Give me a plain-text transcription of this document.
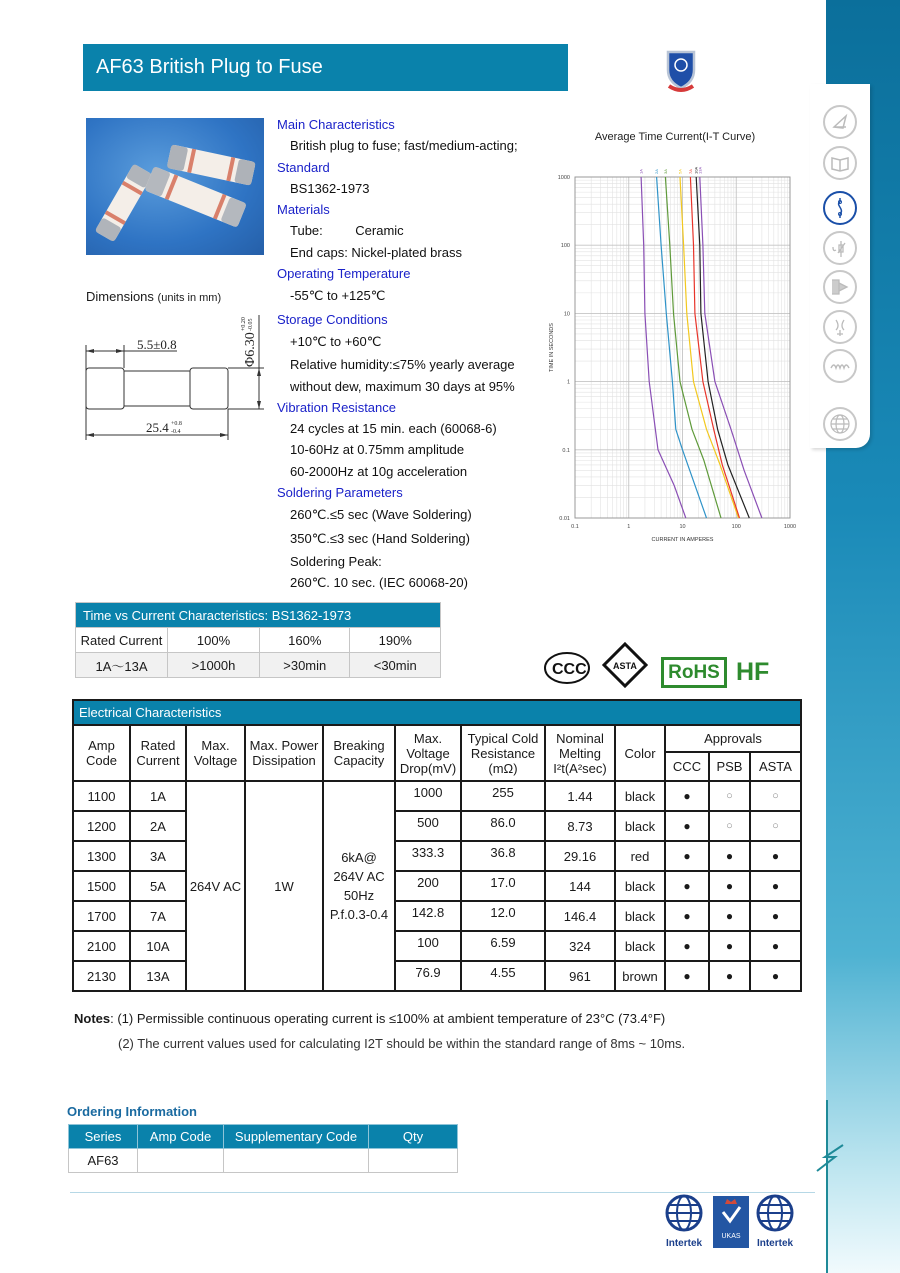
AF63 British Plug to Fuse
Dimensions (units in mm)
5.5±0.8
25.4 +0.8
-0.4
Φ6.30
+0.20 -0.05
Main Characteristics
British plug to fuse; fast/medium-acting;
Standard
BS1362-1973
Materials
Tube:         Ceramic
End caps: Nickel-plated brass
Operating Temperature
-55℃ to +125℃
Storage Conditions
+10℃ to +60℃
Relative humidity:≤75% yearly average
without dew, maximum 30 days at 95%
Vibration Resistance
24 cycles at 15 min. each (60068-6)
10-60Hz at 0.75mm amplitude
60-2000Hz at 10g acceleration
Soldering Parameters
260℃.≤5 sec (Wave Soldering)
350℃.≤3 sec (Hand Soldering)
Soldering Peak:
260℃. 10 sec. (IEC 60068-20)
Average Time Current(I-T Curve)
0.1	1	10	100	1000
1000
100
10
1
0.1
0.01
1A	2A 3A 5A 7A 10A
13A
CURRENT IN AMPERES
TIME IN SECONDS
Time vs Current Characteristics: BS1362-1973			
Rated Current	100%	160%	190%
1A～13A	>1000h	>30min	<30min	CCC	ASTA	RoHS HF
Electrical Characteristics											
Amp Code	Rated Current	Max. Voltage	Max. Power Dissipation	Breaking Capacity	Max. Voltage Drop(mV)	Typical Cold Resistance (mΩ)	Nominal Melting I²t(A²sec)	Color	Approvals		
									CCC	PSB	ASTA
1100	1A	264V AC	1W	6kA@
264V AC
50Hz
P.f.0.3-0.4	1000	255	1.44	black	●	○	○
1200	2A				500	86.0	8.73	black	●	○	○
1300	3A				333.3	36.8	29.16	red	●	●	●
1500	5A				200	17.0	144	black	●	●	●
1700	7A				142.8	12.0	146.4	black	●	●	●
2100	10A				100	6.59	324	black	●	●	●
2130	13A				76.9	4.55	961	brown	●	●	●
Notes: (1) Permissible continuous operating current is ≤100% at ambient temperature of 23°C (73.4°F)
(2) The current values used for calculating I2T should be within the standard range of 8ms ~ 10ms.
Ordering Information
Series	Amp Code	Supplementary Code	Qty
AF63			
Intertek
UKAS
Intertek
